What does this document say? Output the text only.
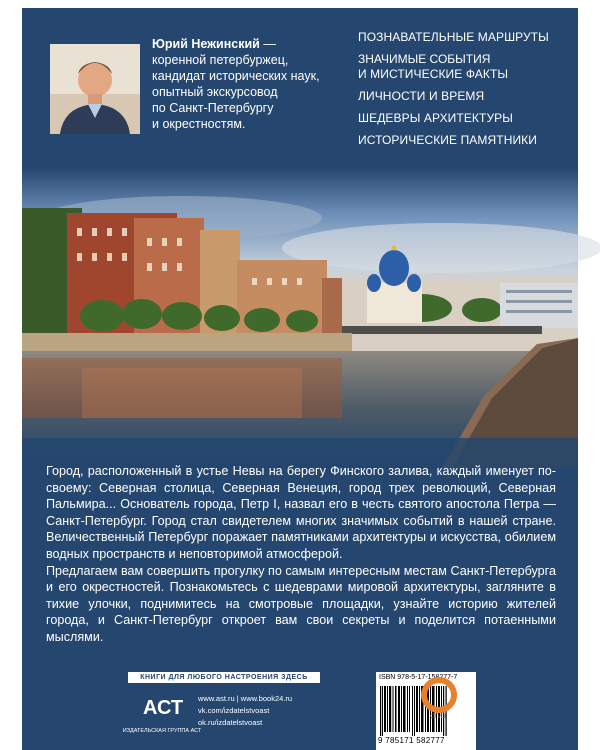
Юрий Нежинский —
коренной петербуржец,
кандидат исторических наук,
опытный экскурсовод
по Санкт-Петербургу
и окрестностям.
ПОЗНАВАТЕЛЬНЫЕ МАРШРУТЫ
ЗНАЧИМЫЕ СОБЫТИЯ
И МИСТИЧЕСКИЕ ФАКТЫ
ЛИЧНОСТИ И ВРЕМЯ
ШЕДЕВРЫ АРХИТЕКТУРЫ
ИСТОРИЧЕСКИЕ ПАМЯТНИКИ

Город, расположенный в устье Невы на берегу Финского залива, каждый именует по-своему: Северная столица, Северная Венеция, город трех революций, Северная Пальмира... Основатель города, Петр I, назвал его в честь святого апостола Петра — Санкт-Петербург. Город стал свидетелем многих значимых событий в нашей стране. Величественный Петербург поражает памятниками архитектуры и искусства, обилием водных пространств и неповторимой атмосферой.

Предлагаем вам совершить прогулку по самым интересным местам Санкт-Петербурга и его окрестностей. Познакомьтесь с шедеврами мировой архитектуры, загляните в тихие улочки, поднимитесь на смотровые площадки, узнайте историю жителей города, и Санкт-Петербург откроет вам свои секреты и поделится потаенными мыслями.

КНИГИ ДЛЯ ЛЮБОГО НАСТРОЕНИЯ ЗДЕСЬ
АСТ
ИЗДАТЕЛЬСКАЯ ГРУППА АСТ
www.ast.ru | www.book24.ru
vk.com/izdatelstvoast
ok.ru/izdatelstvoast
ISBN 978-5-17-158277-7
9 785171 582777
ОГИЗ
